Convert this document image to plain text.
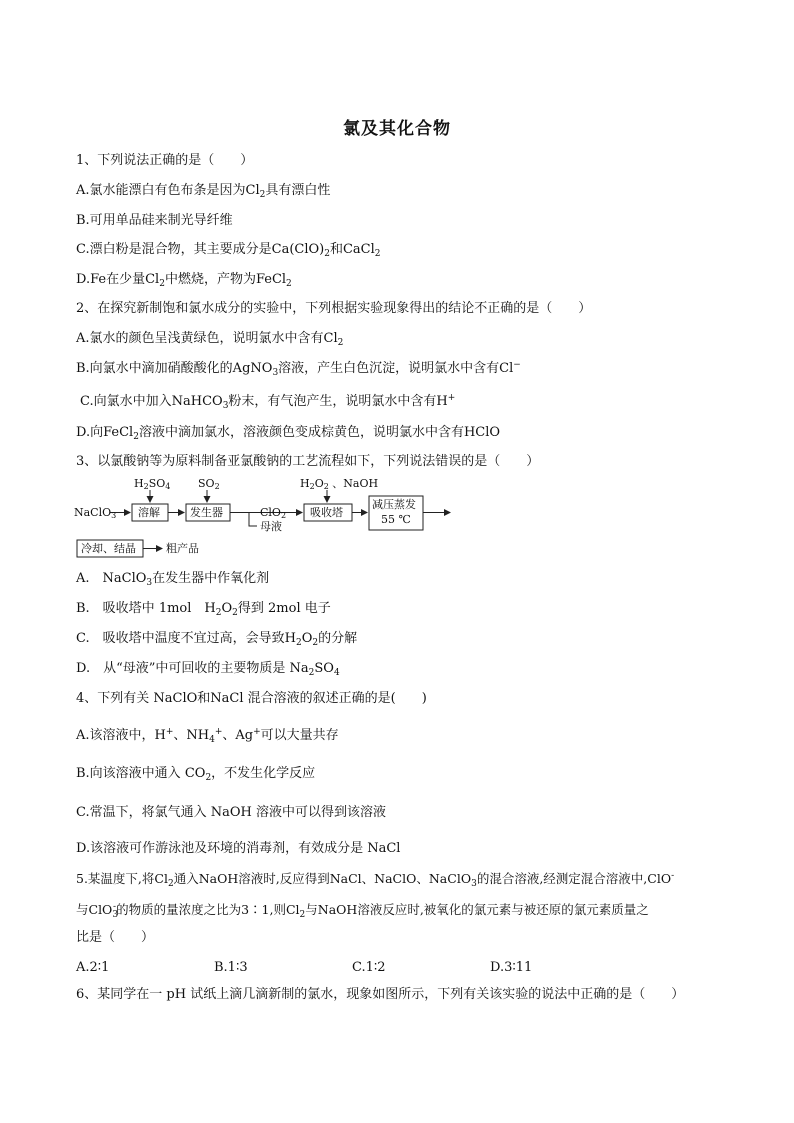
氯及其化合物
1、下列说法正确的是（　　）
A.氯水能漂白有色布条是因为$Cl_2$具有漂白性
B.可用单品硅来制光导纤维
C.漂白粉是混合物，其主要成分是$Ca(ClO)_2$和CaCl$_2$
D.Fe在少量$Cl_2$中燃烧，产物为FeCl$_2$
2、在探究新制饱和氯水成分的实验中，下列根据实验现象得出的结论不正确的是（　　）
A.氯水的颜色呈浅黄绿色，说明氯水中含有$Cl_2$
B.向氯水中滴加硝酸酸化的AgNO$_3$溶液，产生白色沉淀，说明氯水中含有Cl−
C.向氯水中加入NaHCO$_3$粉末，有气泡产生，说明氯水中含有H+
D.向FeCl$_2$溶液中滴加氯水，溶液颜色变成棕黄色，说明氯水中含有HClO
3、以氯酸钠等为原料制备亚氯酸钠的工艺流程如下，下列说法错误的是（　　）
NaClO$_3$
$H_2SO_4$	$SO_2$	$H_2O_2$ 、NaOH
溶解	发生器	吸收塔
减压蒸发
55 ℃
ClO$_2$
母液
冷却、结晶	粗产品
A.　NaClO$_3$在发生器中作氧化剂
B.　吸收塔中 1mol　$H_2O_2$得到 2mol 电子
C.　吸收塔中温度不宜过高，会导致$H_2O_2$的分解
D.　从“母液”中可回收的主要物质是 $Na_2SO_4$
4、下列有关 NaClO和NaCl 混合溶液的叙述正确的是(　　)
A.该溶液中，H+、$NH_4^+$、Ag+可以大量共存
B.向该溶液中通入 $CO_2$，不发生化学反应
C.常温下，将氯气通入 NaOH 溶液中可以得到该溶液
D.该溶液可作游泳池及环境的消毒剂，有效成分是 NaCl
5.某温度下,将$Cl_2$通入NaOH溶液时,反应得到NaCl、NaClO、NaClO$_3$的混合溶液,经测定混合溶液中,ClO-
与ClO$_3$-的物质的量浓度之比为3∶1,则$Cl_2$与NaOH溶液反应时,被氧化的氯元素与被还原的氯元素质量之
比是（　　）
A.2∶1	B.1∶3	C.1∶2	D.3∶11
6、某同学在一 pH 试纸上滴几滴新制的氯水，现象如图所示，下列有关该实验的说法中正确的是（　　）
